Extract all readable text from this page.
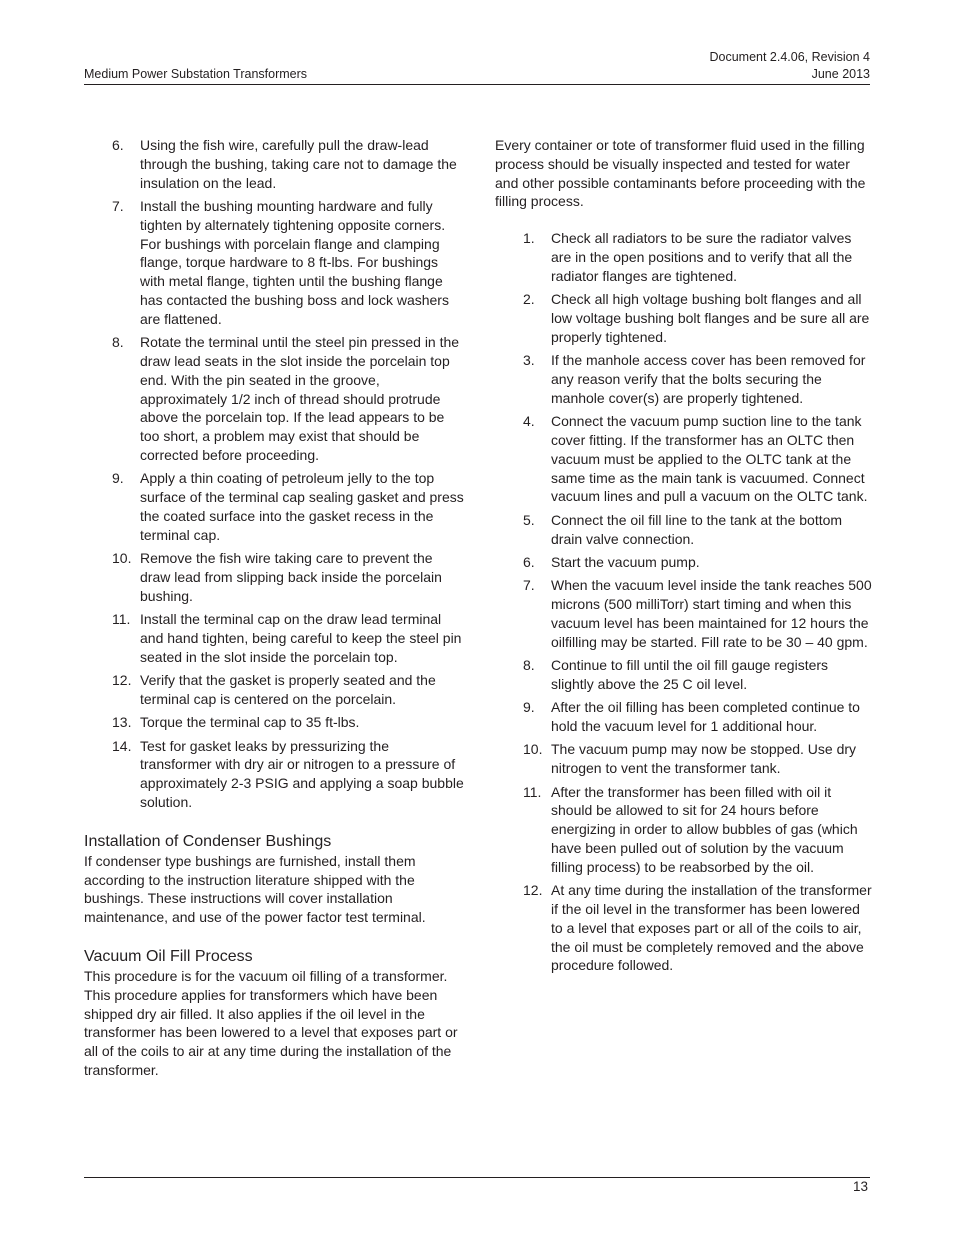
Medium Power Substation Transformers
Document 2.4.06, Revision 4
June 2013
6. Using the fish wire, carefully pull the draw-lead through the bushing, taking care not to damage the insulation on the lead.
7. Install the bushing mounting hardware and fully tighten by alternately tightening opposite corners. For bushings with porcelain flange and clamping flange, torque hardware to 8 ft-lbs. For bushings with metal flange, tighten until the bushing flange has contacted the bushing boss and lock washers are flattened.
8. Rotate the terminal until the steel pin pressed in the draw lead seats in the slot inside the porcelain top end. With the pin seated in the groove, approximately 1/2 inch of thread should protrude above the porcelain top. If the lead appears to be too short, a problem may exist that should be corrected before proceeding.
9. Apply a thin coating of petroleum jelly to the top surface of the terminal cap sealing gasket and press the coated surface into the gasket recess in the terminal cap.
10. Remove the fish wire taking care to prevent the draw lead from slipping back inside the porcelain bushing.
11. Install the terminal cap on the draw lead terminal and hand tighten, being careful to keep the steel pin seated in the slot inside the porcelain top.
12. Verify that the gasket is properly seated and the terminal cap is centered on the porcelain.
13. Torque the terminal cap to 35 ft-lbs.
14. Test for gasket leaks by pressurizing the transformer with dry air or nitrogen to a pressure of approximately 2-3 PSIG and applying a soap bubble solution.
Installation of Condenser Bushings

If condenser type bushings are furnished, install them according to the instruction literature shipped with the bushings. These instructions will cover installation maintenance, and use of the power factor test terminal.

Vacuum Oil Fill Process

This procedure is for the vacuum oil filling of a transformer. This procedure applies for transformers which have been shipped dry air filled. It also applies if the oil level in the transformer has been lowered to a level that exposes part or all of the coils to air at any time during the installation of the transformer.

Every container or tote of transformer fluid used in the filling process should be visually inspected and tested for water and other possible contaminants before proceeding with the filling process.

1. Check all radiators to be sure the radiator valves are in the open positions and to verify that all the radiator flanges are tightened.
2. Check all high voltage bushing bolt flanges and all low voltage bushing bolt flanges and be sure all are properly tightened.
3. If the manhole access cover has been removed for any reason verify that the bolts securing the manhole cover(s) are properly tightened.
4. Connect the vacuum pump suction line to the tank cover fitting. If the transformer has an OLTC then vacuum must be applied to the OLTC tank at the same time as the main tank is vacuumed. Connect vacuum lines and pull a vacuum on the OLTC tank.
5. Connect the oil fill line to the tank at the bottom drain valve connection.
6. Start the vacuum pump.
7. When the vacuum level inside the tank reaches 500 microns (500 milliTorr) start timing and when this vacuum level has been maintained for 12 hours the oilfilling may be started. Fill rate to be 30 – 40 gpm.
8. Continue to fill until the oil fill gauge registers slightly above the 25 C oil level.
9. After the oil filling has been completed continue to hold the vacuum level for 1 additional hour.
10. The vacuum pump may now be stopped. Use dry nitrogen to vent the transformer tank.
11. After the transformer has been filled with oil it should be allowed to sit for 24 hours before energizing in order to allow bubbles of gas (which have been pulled out of solution by the vacuum filling process) to be reabsorbed by the oil.
12. At any time during the installation of the transformer if the oil level in the transformer has been lowered to a level that exposes part or all of the coils to air, the oil must be completely removed and the above procedure followed.
13
